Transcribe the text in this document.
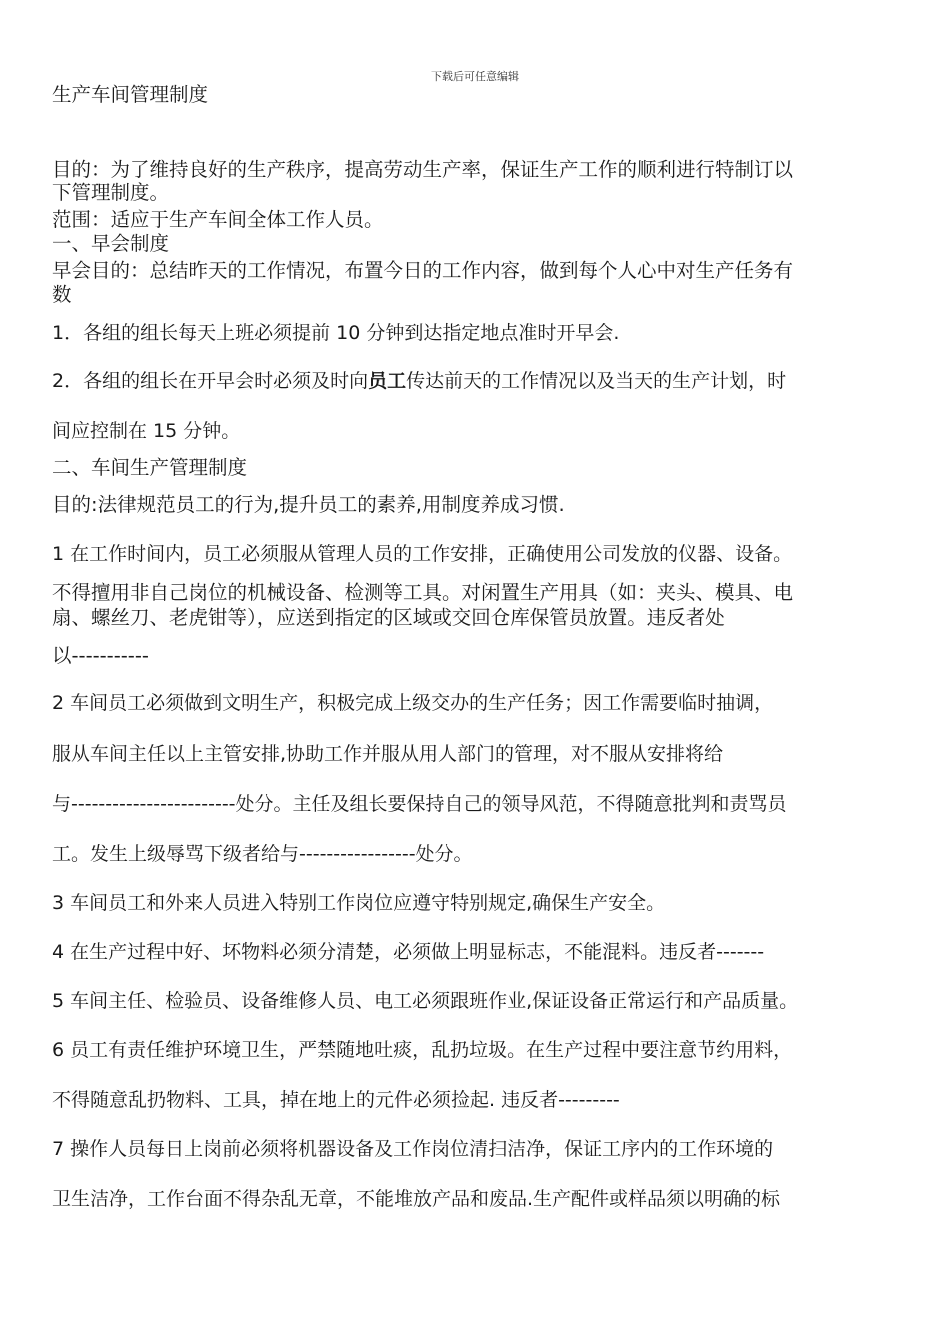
下载后可任意编辑
生产车间管理制度
目的：为了维持良好的生产秩序，提高劳动生产率，保证生产工作的顺利进行特制订以
下管理制度。
范围：适应于生产车间全体工作人员。
一、早会制度
早会目的：总结昨天的工作情况，布置今日的工作内容，做到每个人心中对生产任务有
数
1．各组的组长每天上班必须提前 10 分钟到达指定地点准时开早会.
2．各组的组长在开早会时必须及时向员工传达前天的工作情况以及当天的生产计划，时
间应控制在 15 分钟。
二、车间生产管理制度
目的:法律规范员工的行为,提升员工的素养,用制度养成习惯.
1 在工作时间内，员工必须服从管理人员的工作安排，正确使用公司发放的仪器、设备。
不得擅用非自己岗位的机械设备、检测等工具。对闲置生产用具（如：夹头、模具、电
扇、螺丝刀、老虎钳等），应送到指定的区域或交回仓库保管员放置。违反者处
以-----------
2 车间员工必须做到文明生产，积极完成上级交办的生产任务；因工作需要临时抽调，
服从车间主任以上主管安排,协助工作并服从用人部门的管理，对不服从安排将给
与------------------------处分。主任及组长要保持自己的领导风范，不得随意批判和责骂员
工。发生上级辱骂下级者给与-----------------处分。
3 车间员工和外来人员进入特别工作岗位应遵守特别规定,确保生产安全。
4 在生产过程中好、坏物料必须分清楚，必须做上明显标志，不能混料。违反者-------
5 车间主任、检验员、设备维修人员、电工必须跟班作业,保证设备正常运行和产品质量。
6 员工有责任维护环境卫生，严禁随地吐痰，乱扔垃圾。在生产过程中要注意节约用料，
不得随意乱扔物料、工具，掉在地上的元件必须捡起. 违反者---------
7 操作人员每日上岗前必须将机器设备及工作岗位清扫洁净，保证工序内的工作环境的
卫生洁净，工作台面不得杂乱无章，不能堆放产品和废品.生产配件或样品须以明确的标
